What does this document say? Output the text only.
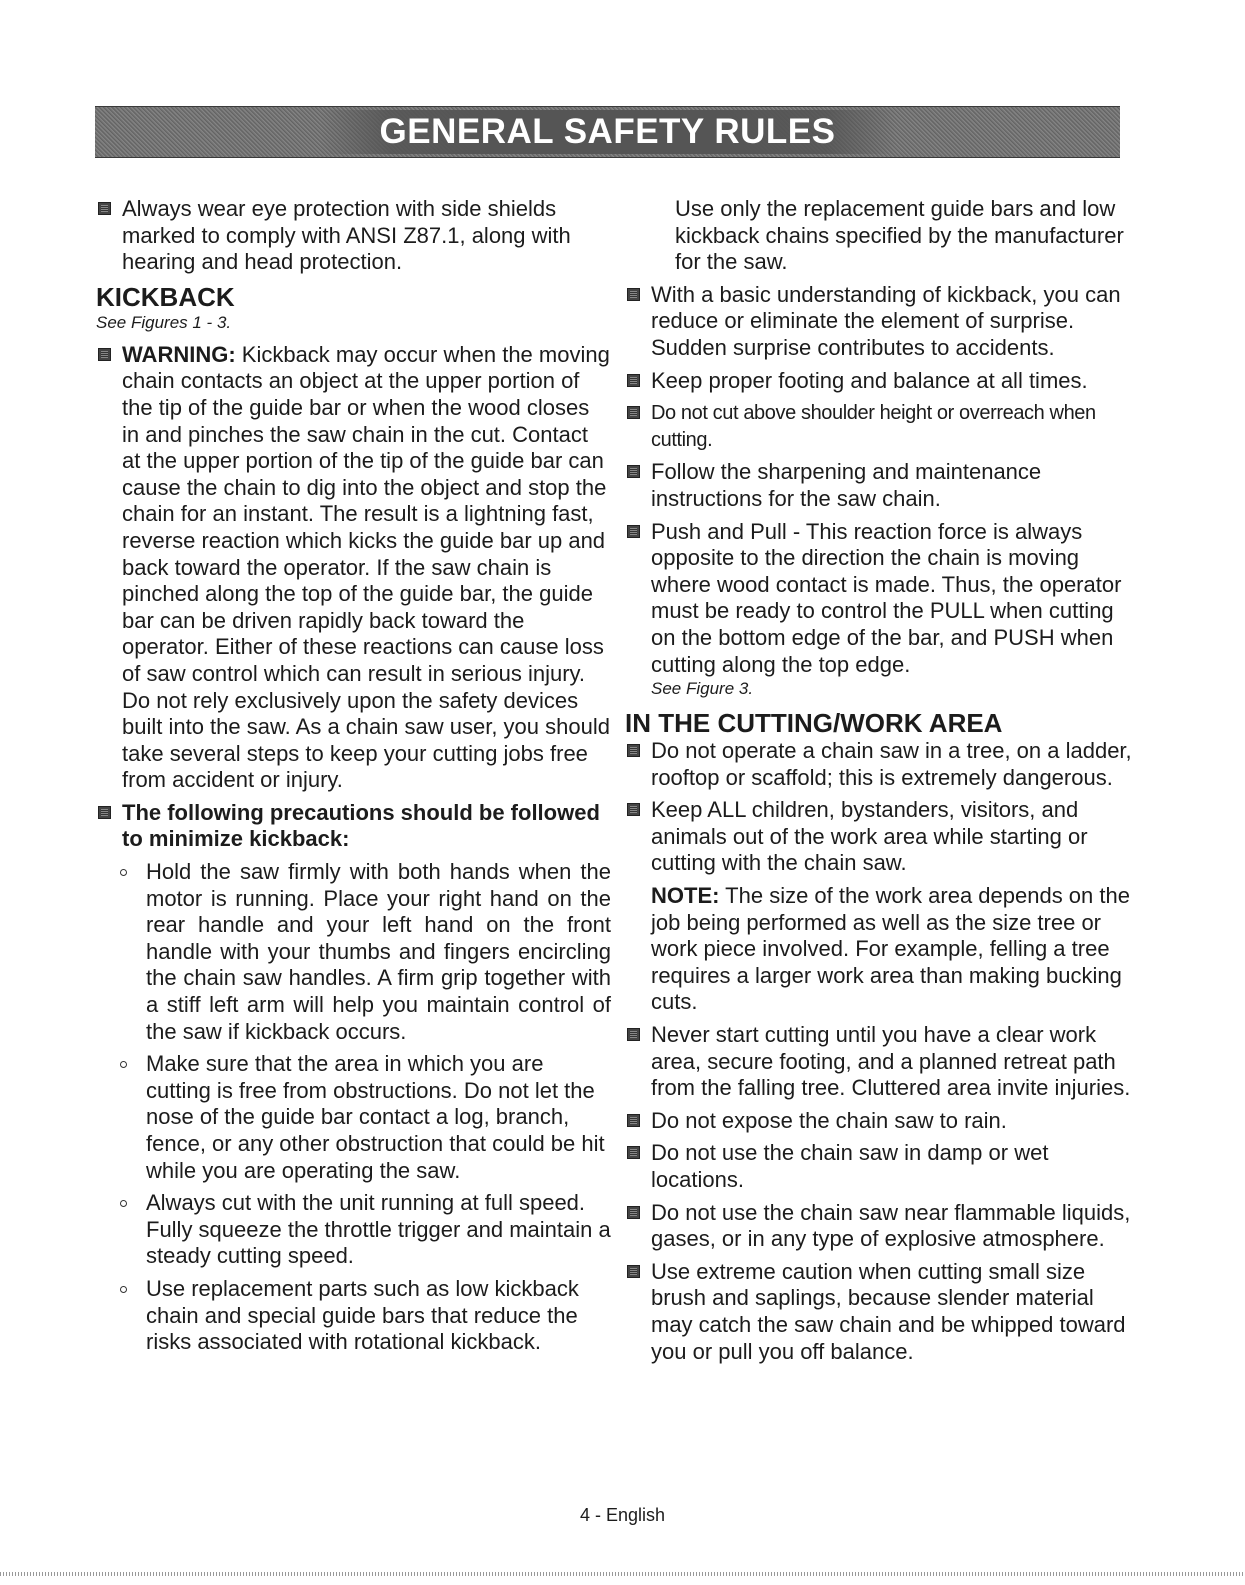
GENERAL SAFETY RULES
Always wear eye protection with side shields marked to comply with ANSI Z87.1, along with hearing and head protection.
KICKBACK
See Figures 1 - 3.
WARNING: Kickback may occur when the moving chain contacts an object at the upper portion of the tip of the guide bar or when the wood closes in and pinches the saw chain in the cut. Contact at the upper portion of the tip of the guide bar can cause the chain to dig into the object and stop the chain for an instant. The result is a lightning fast, reverse reaction which kicks the guide bar up and back toward the operator. If the saw chain is pinched along the top of the guide bar, the guide bar can be driven rapidly back toward the operator. Either of these reactions can cause loss of saw control which can result in serious injury. Do not rely exclusively upon the safety devices built into the saw. As a chain saw user, you should take several steps to keep your cutting jobs free from accident or injury.
The following precautions should be followed to minimize kickback:
Hold the saw firmly with both hands when the motor is running. Place your right hand on the rear handle and your left hand on the front handle with your thumbs and fingers encircling the chain saw handles. A firm grip together with a stiff left arm will help you maintain control of the saw if kickback occurs.
Make sure that the area in which you are cutting is free from obstructions. Do not let the nose of the guide bar contact a log, branch, fence, or any other obstruction that could be hit while you are operating the saw.
Always cut with the unit running at full speed. Fully squeeze the throttle trigger and maintain a steady cutting speed.
Use replacement parts such as low kickback chain and special guide bars that reduce the risks associated with rotational kickback.
Use only the replacement guide bars and low kickback chains specified by the manufacturer for the saw.
With a basic understanding of kickback, you can reduce or eliminate the element of surprise. Sudden surprise contributes to accidents.
Keep proper footing and balance at all times.
Do not cut above shoulder height or overreach when cutting.
Follow the sharpening and maintenance instructions for the saw chain.
Push and Pull - This reaction force is always opposite to the direction the chain is moving where wood contact is made. Thus, the operator must be ready to control the PULL when cutting on the bottom edge of the bar, and PUSH when cutting along the top edge.
See Figure 3.
IN THE CUTTING/WORK AREA
Do not operate a chain saw in a tree, on a ladder, rooftop or scaffold; this is extremely dangerous.
Keep ALL children, bystanders, visitors, and animals out of the work area while starting or cutting with the chain saw.
NOTE: The size of the work area depends on the job being performed as well as the size tree or work piece involved. For example, felling a tree requires a larger work area than making bucking cuts.
Never start cutting until you have a clear work area, secure footing, and a planned retreat path from the falling tree. Cluttered area invite injuries.
Do not expose the chain saw to rain.
Do not use the chain saw in damp or wet locations.
Do not use the chain saw near flammable liquids, gases, or in any type of explosive atmosphere.
Use extreme caution when cutting small size brush and saplings, because slender material may catch the saw chain and be whipped toward you or pull you off balance.
4 - English
